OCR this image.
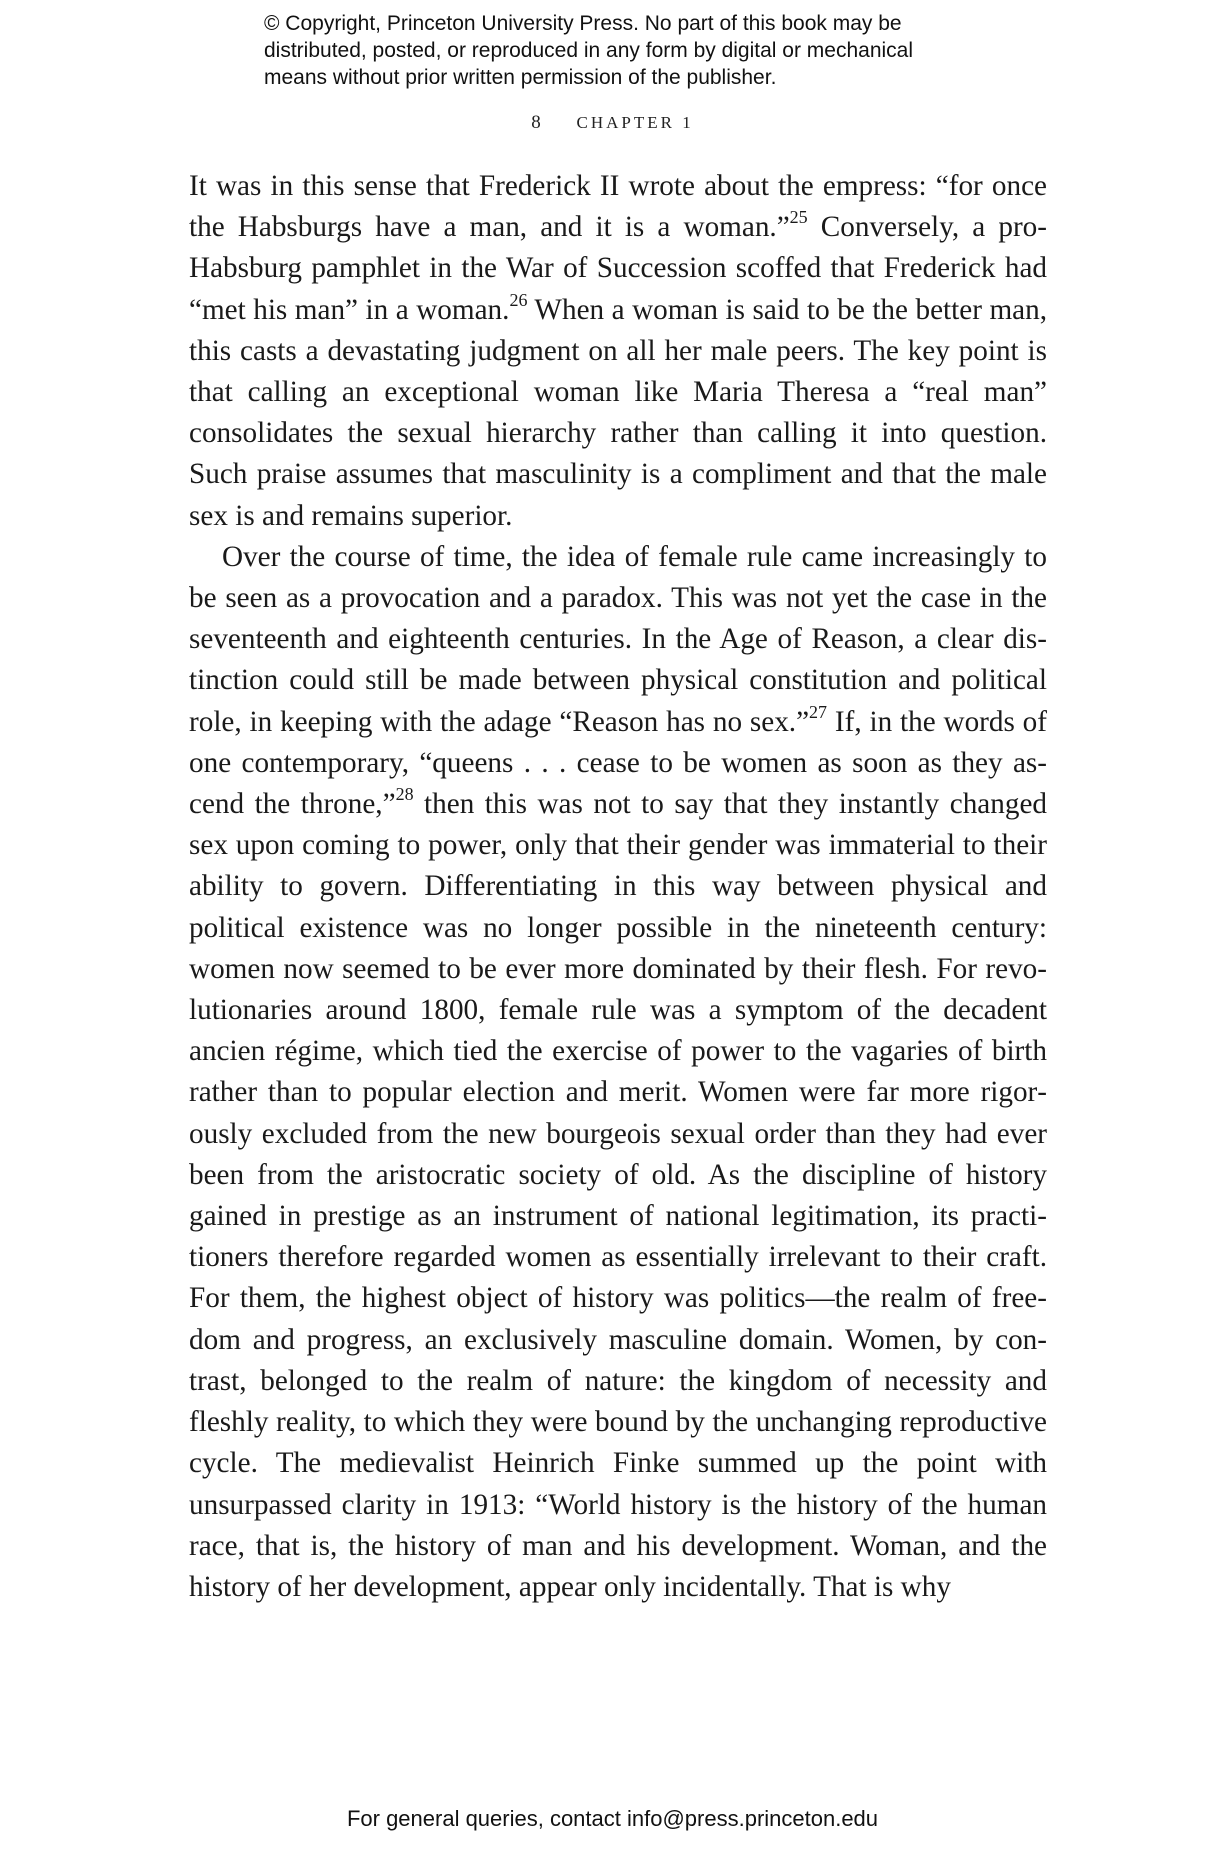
© Copyright, Princeton University Press. No part of this book may be
distributed, posted, or reproduced in any form by digital or mechanical
means without prior written permission of the publisher.
8 CHAPTER 1

It was in this sense that Frederick II wrote about the empress: “for once the Habsburgs have a man, and it is a woman.”$^{25}$ Conversely, a pro-Habsburg pamphlet in the War of Succession scoffed that Frederick had “met his man” in a woman.$^{26}$ When a woman is said to be the better man, this casts a devastating judgment on all her male peers. The key point is that calling an exceptional woman like Maria Theresa a “real man” consolidates the sexual hierarchy rather than calling it into question. Such praise assumes that masculinity is a compliment and that the male sex is and remains superior.

Over the course of time, the idea of female rule came increasingly to be seen as a provocation and a paradox. This was not yet the case in the seventeenth and eighteenth centuries. In the Age of Reason, a clear distinction could still be made between physical constitution and political role, in keeping with the adage “Reason has no sex.”$^{27}$ If, in the words of one contemporary, “queens . . . cease to be women as soon as they ascend the throne,”$^{28}$ then this was not to say that they instantly changed sex upon coming to power, only that their gender was immaterial to their ability to govern. Differentiating in this way between physical and political existence was no longer possible in the nineteenth century: women now seemed to be ever more dominated by their flesh. For revolutionaries around 1800, female rule was a symptom of the decadent ancien régime, which tied the exercise of power to the vagaries of birth rather than to popular election and merit. Women were far more rigorously excluded from the new bourgeois sexual order than they had ever been from the aristocratic society of old. As the discipline of history gained in prestige as an instrument of national legitimation, its practitioners therefore regarded women as essentially irrelevant to their craft. For them, the highest object of history was politics—the realm of freedom and progress, an exclusively masculine domain. Women, by contrast, belonged to the realm of nature: the kingdom of necessity and fleshly reality, to which they were bound by the unchanging reproductive cycle. The medievalist Heinrich Finke summed up the point with unsurpassed clarity in 1913: “World history is the history of the human race, that is, the history of man and his development. Woman, and the history of her development, appear only incidentally. That is why

For general queries, contact info@press.princeton.edu
